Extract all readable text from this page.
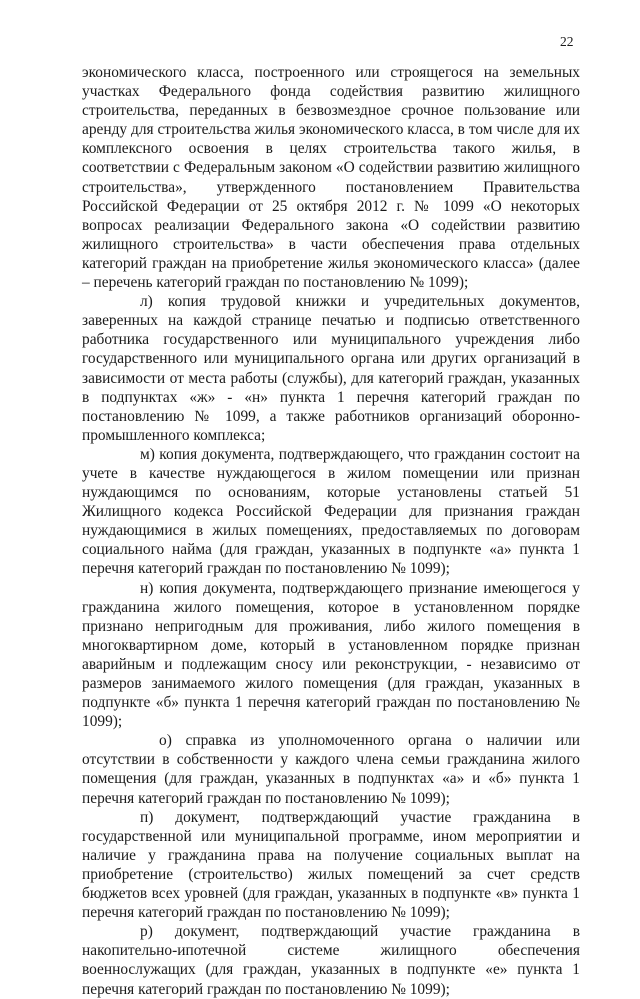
22

экономического класса, построенного или строящегося на земельных участках Федерального фонда содействия развитию жилищного строительства, переданных в безвозмездное срочное пользование или аренду для строительства жилья экономического класса, в том числе для их комплексного освоения в целях строительства такого жилья, в соответствии с Федеральным законом «О содействии развитию жилищного строительства», утвержденного постановлением Правительства Российской Федерации от 25 октября 2012 г. № 1099 «О некоторых вопросах реализации Федерального закона «О содействии развитию жилищного строительства» в части обеспечения права отдельных категорий граждан на приобретение жилья экономического класса» (далее – перечень категорий граждан по постановлению № 1099);

л) копия трудовой книжки и учредительных документов, заверенных на каждой странице печатью и подписью ответственного работника государственного или муниципального учреждения либо государственного или муниципального органа или других организаций в зависимости от места работы (службы), для категорий граждан, указанных в подпунктах «ж» - «н» пункта 1 перечня категорий граждан по постановлению № 1099, а также работников организаций оборонно-промышленного комплекса;

м) копия документа, подтверждающего, что гражданин состоит на учете в качестве нуждающегося в жилом помещении или признан нуждающимся по основаниям, которые установлены статьей 51 Жилищного кодекса Российской Федерации для признания граждан нуждающимися в жилых помещениях, предоставляемых по договорам социального найма (для граждан, указанных в подпункте «а» пункта 1 перечня категорий граждан по постановлению № 1099);

н) копия документа, подтверждающего признание имеющегося у гражданина жилого помещения, которое в установленном порядке признано непригодным для проживания, либо жилого помещения в многоквартирном доме, который в установленном порядке признан аварийным и подлежащим сносу или реконструкции, - независимо от размеров занимаемого жилого помещения (для граждан, указанных в подпункте «б» пункта 1 перечня категорий граждан по постановлению № 1099);

о) справка из уполномоченного органа о наличии или отсутствии в собственности у каждого члена семьи гражданина жилого помещения (для граждан, указанных в подпунктах «а» и «б» пункта 1 перечня категорий граждан по постановлению № 1099);

п) документ, подтверждающий участие гражданина в государственной или муниципальной программе, ином мероприятии и наличие у гражданина права на получение социальных выплат на приобретение (строительство) жилых помещений за счет средств бюджетов всех уровней (для граждан, указанных в подпункте «в» пункта 1 перечня категорий граждан по постановлению № 1099);

р) документ, подтверждающий участие гражданина в накопительно-ипотечной системе жилищного обеспечения военнослужащих (для граждан, указанных в подпункте «е» пункта 1 перечня категорий граждан по постановлению № 1099);
